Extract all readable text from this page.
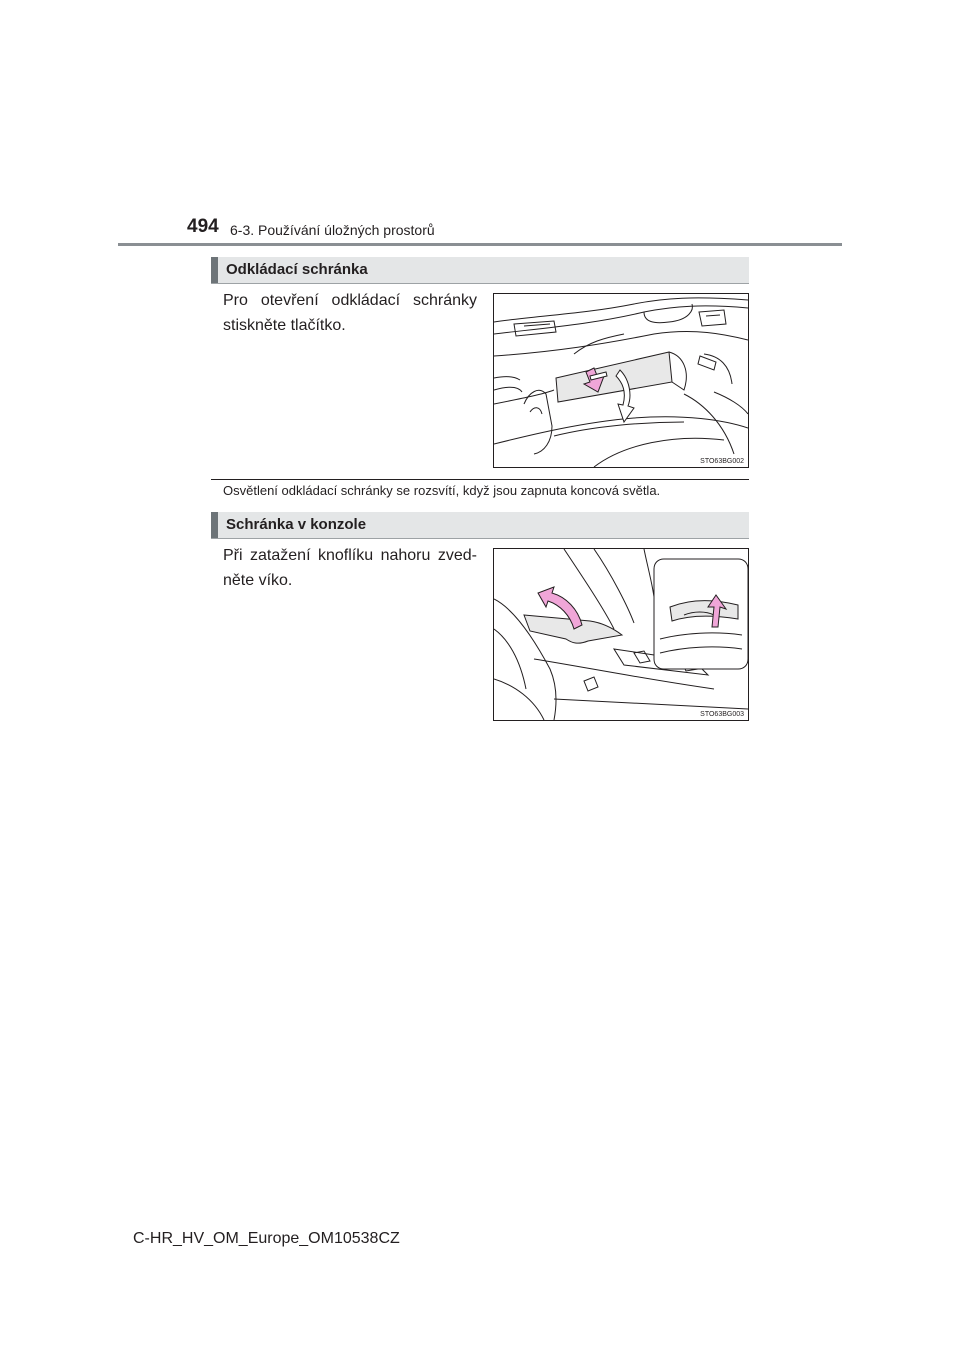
494 6-3. Používání úložných prostorů
Odkládací schránka
Pro otevření odkládací schránky stiskněte tlačítko.
STO63BG002
Osvětlení odkládací schránky se rozsvítí, když jsou zapnuta koncová světla.
Schránka v konzole
Při zatažení knoflíku nahoru zved- něte víko.
STO63BG003
C-HR_HV_OM_Europe_OM10538CZ
